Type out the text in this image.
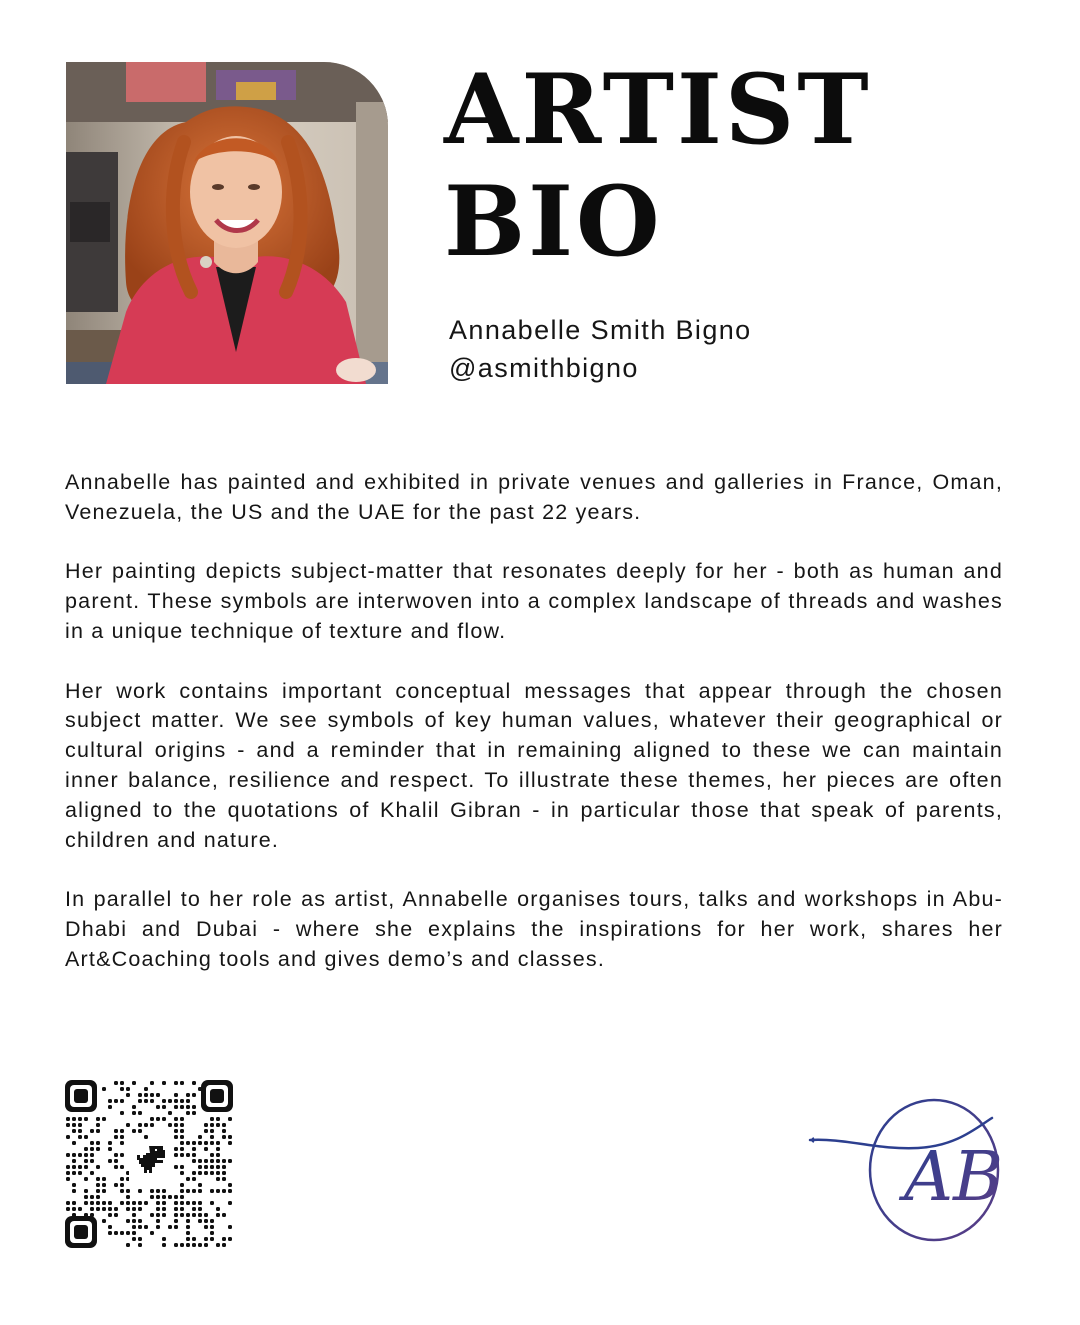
ARTIST
BIO
Annabelle Smith Bigno
@asmithbigno

Annabelle has painted and exhibited in private venues and galleries in France, Oman, Venezuela, the US and the UAE for the past 22 years.

Her painting depicts subject-matter that resonates deeply for her - both as human and parent. These symbols are interwoven into a complex landscape of threads and washes in a unique technique of texture and flow.

Her work contains important conceptual messages that appear through the chosen subject matter. We see symbols of key human values, whatever their geographical or cultural origins - and a reminder that in remaining aligned to these we can maintain inner balance, resilience and respect. To illustrate these themes, her pieces are often aligned to the quotations of Khalil Gibran - in particular those that speak of parents, children and nature.

In parallel to her role as artist, Annabelle organises tours, talks and workshops in Abu-Dhabi and Dubai - where she explains the inspirations for her work, shares her Art&Coaching tools and gives demo’s and classes.

AB
